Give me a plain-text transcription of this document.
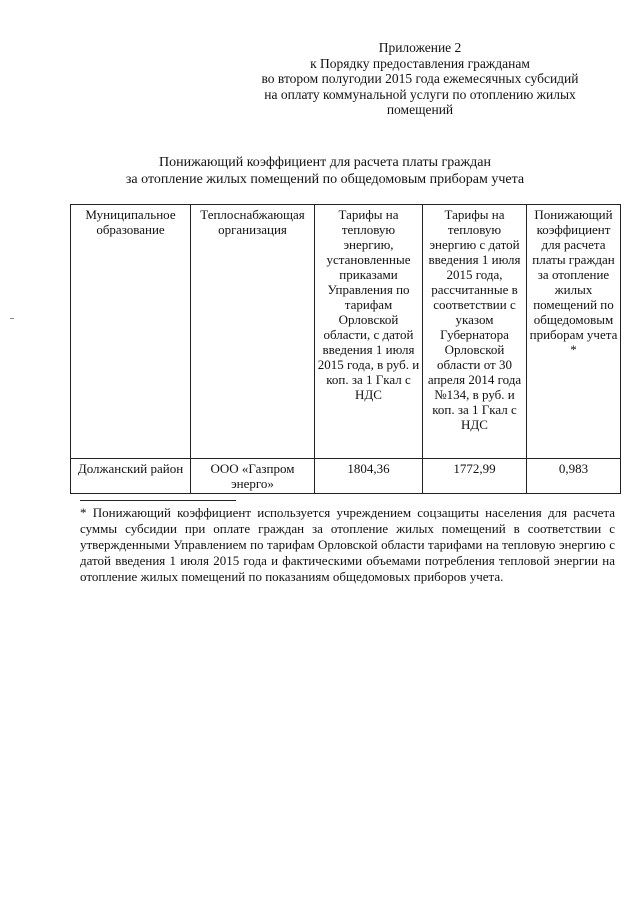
Приложение 2
к Порядку предоставления гражданам
во втором полугодии 2015 года ежемесячных субсидий
на оплату коммунальной услуги по отоплению жилых
помещений
Понижающий коэффициент для расчета платы граждан
за отопление жилых помещений по общедомовым приборам учета
Муниципальное образование	Теплоснабжающая организация	Тарифы на тепловую энергию, установленные приказами Управления по тарифам Орловской области, с датой введения 1 июля 2015 года, в руб. и коп. за 1 Гкал с НДС	Тарифы на тепловую энергию с датой введения 1 июля 2015 года, рассчитанные в соответствии с указом Губернатора Орловской области от 30 апреля 2014 года №134, в руб. и коп. за 1 Гкал с НДС	Понижающий коэффициент для расчета платы граждан за отопление жилых помещений по общедомовым приборам учета *
Должанский район	ООО «Газпром энерго»	1804,36	1772,99	0,983
* Понижающий коэффициент используется учреждением соцзащиты населения для расчета суммы субсидии при оплате граждан за отопление жилых помещений в соответствии с утвержденными Управлением по тарифам Орловской области тарифами на тепловую энергию с датой введения 1 июля 2015 года и фактическими объемами потребления тепловой энергии на отопление жилых помещений по показаниям общедомовых приборов учета.
